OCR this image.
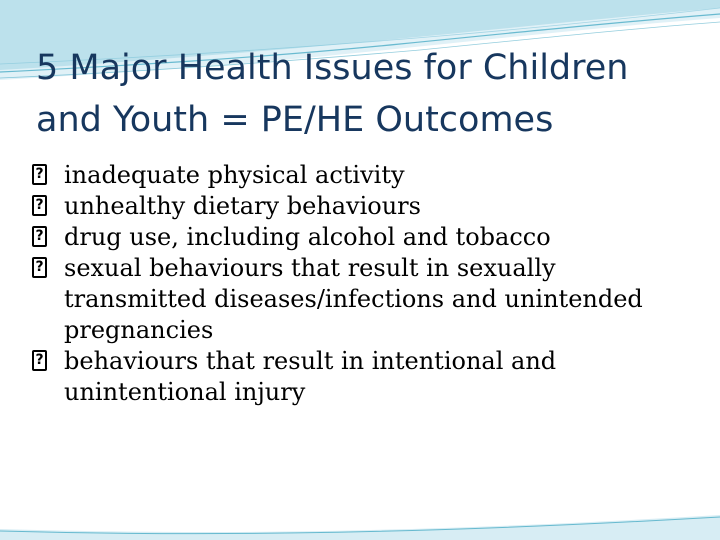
5 Major Health Issues for Children and Youth = PE/HE Outcomes
? inadequate physical activity
? unhealthy dietary behaviours
? drug use, including alcohol and tobacco
? sexual behaviours that result in sexually transmitted diseases/infections and unintended pregnancies
? behaviours that result in intentional and unintentional injury
